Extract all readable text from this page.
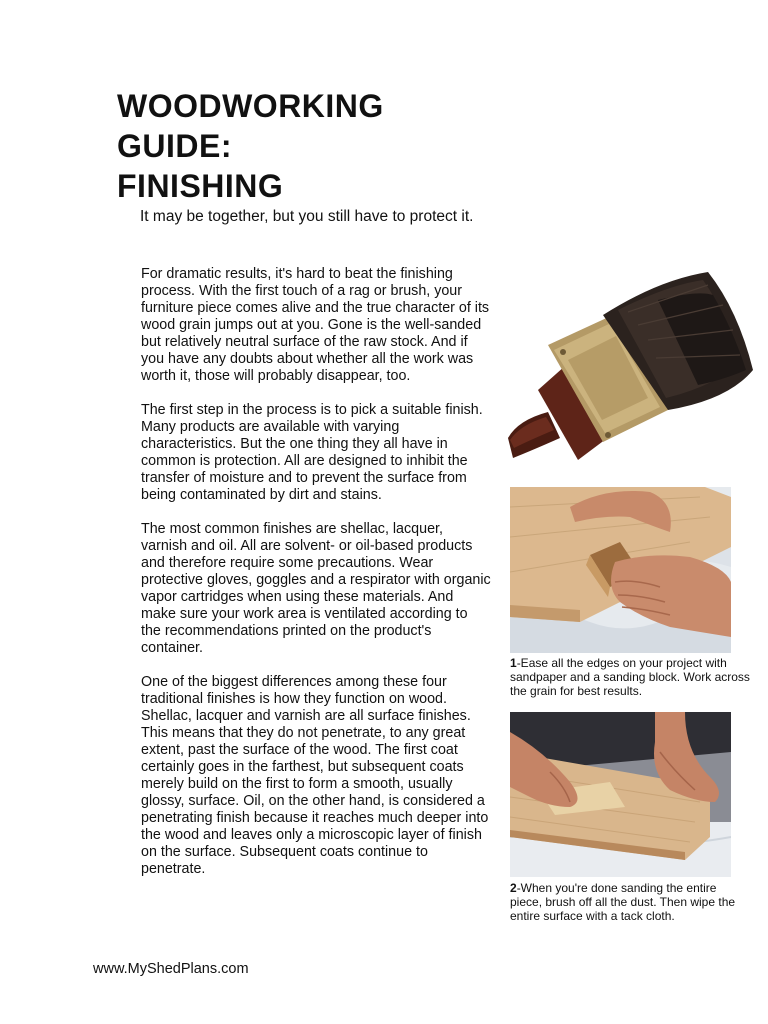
WOODWORKING
GUIDE:
FINISHING
It may be together, but you still have to protect it.

For dramatic results, it's hard to beat the finishing process. With the first touch of a rag or brush, your furniture piece comes alive and the true character of its wood grain jumps out at you. Gone is the well-sanded but relatively neutral surface of the raw stock. And if you have any doubts about whether all the work was worth it, those will probably disappear, too.

The first step in the process is to pick a suitable finish. Many products are available with varying characteristics. But the one thing they all have in common is protection. All are designed to inhibit the transfer of moisture and to prevent the surface from being contaminated by dirt and stains.

The most common finishes are shellac, lacquer, varnish and oil. All are solvent- or oil-based products and therefore require some precautions. Wear protective gloves, goggles and a respirator with organic vapor cartridges when using these materials. And make sure your work area is ventilated according to the recommendations printed on the product's container.

One of the biggest differences among these four traditional finishes is how they function on wood. Shellac, lacquer and varnish are all surface finishes. This means that they do not penetrate, to any great extent, past the surface of the wood. The first coat certainly goes in the farthest, but subsequent coats merely build on the first to form a smooth, usually glossy, surface. Oil, on the other hand, is considered a penetrating finish because it reaches much deeper into the wood and leaves only a microscopic layer of finish on the surface. Subsequent coats continue to penetrate.

1-Ease all the edges on your project with sandpaper and a sanding block. Work across the grain for best results.
2-When you're done sanding the entire piece, brush off all the dust. Then wipe the entire surface with a tack cloth.
www.MyShedPlans.com
